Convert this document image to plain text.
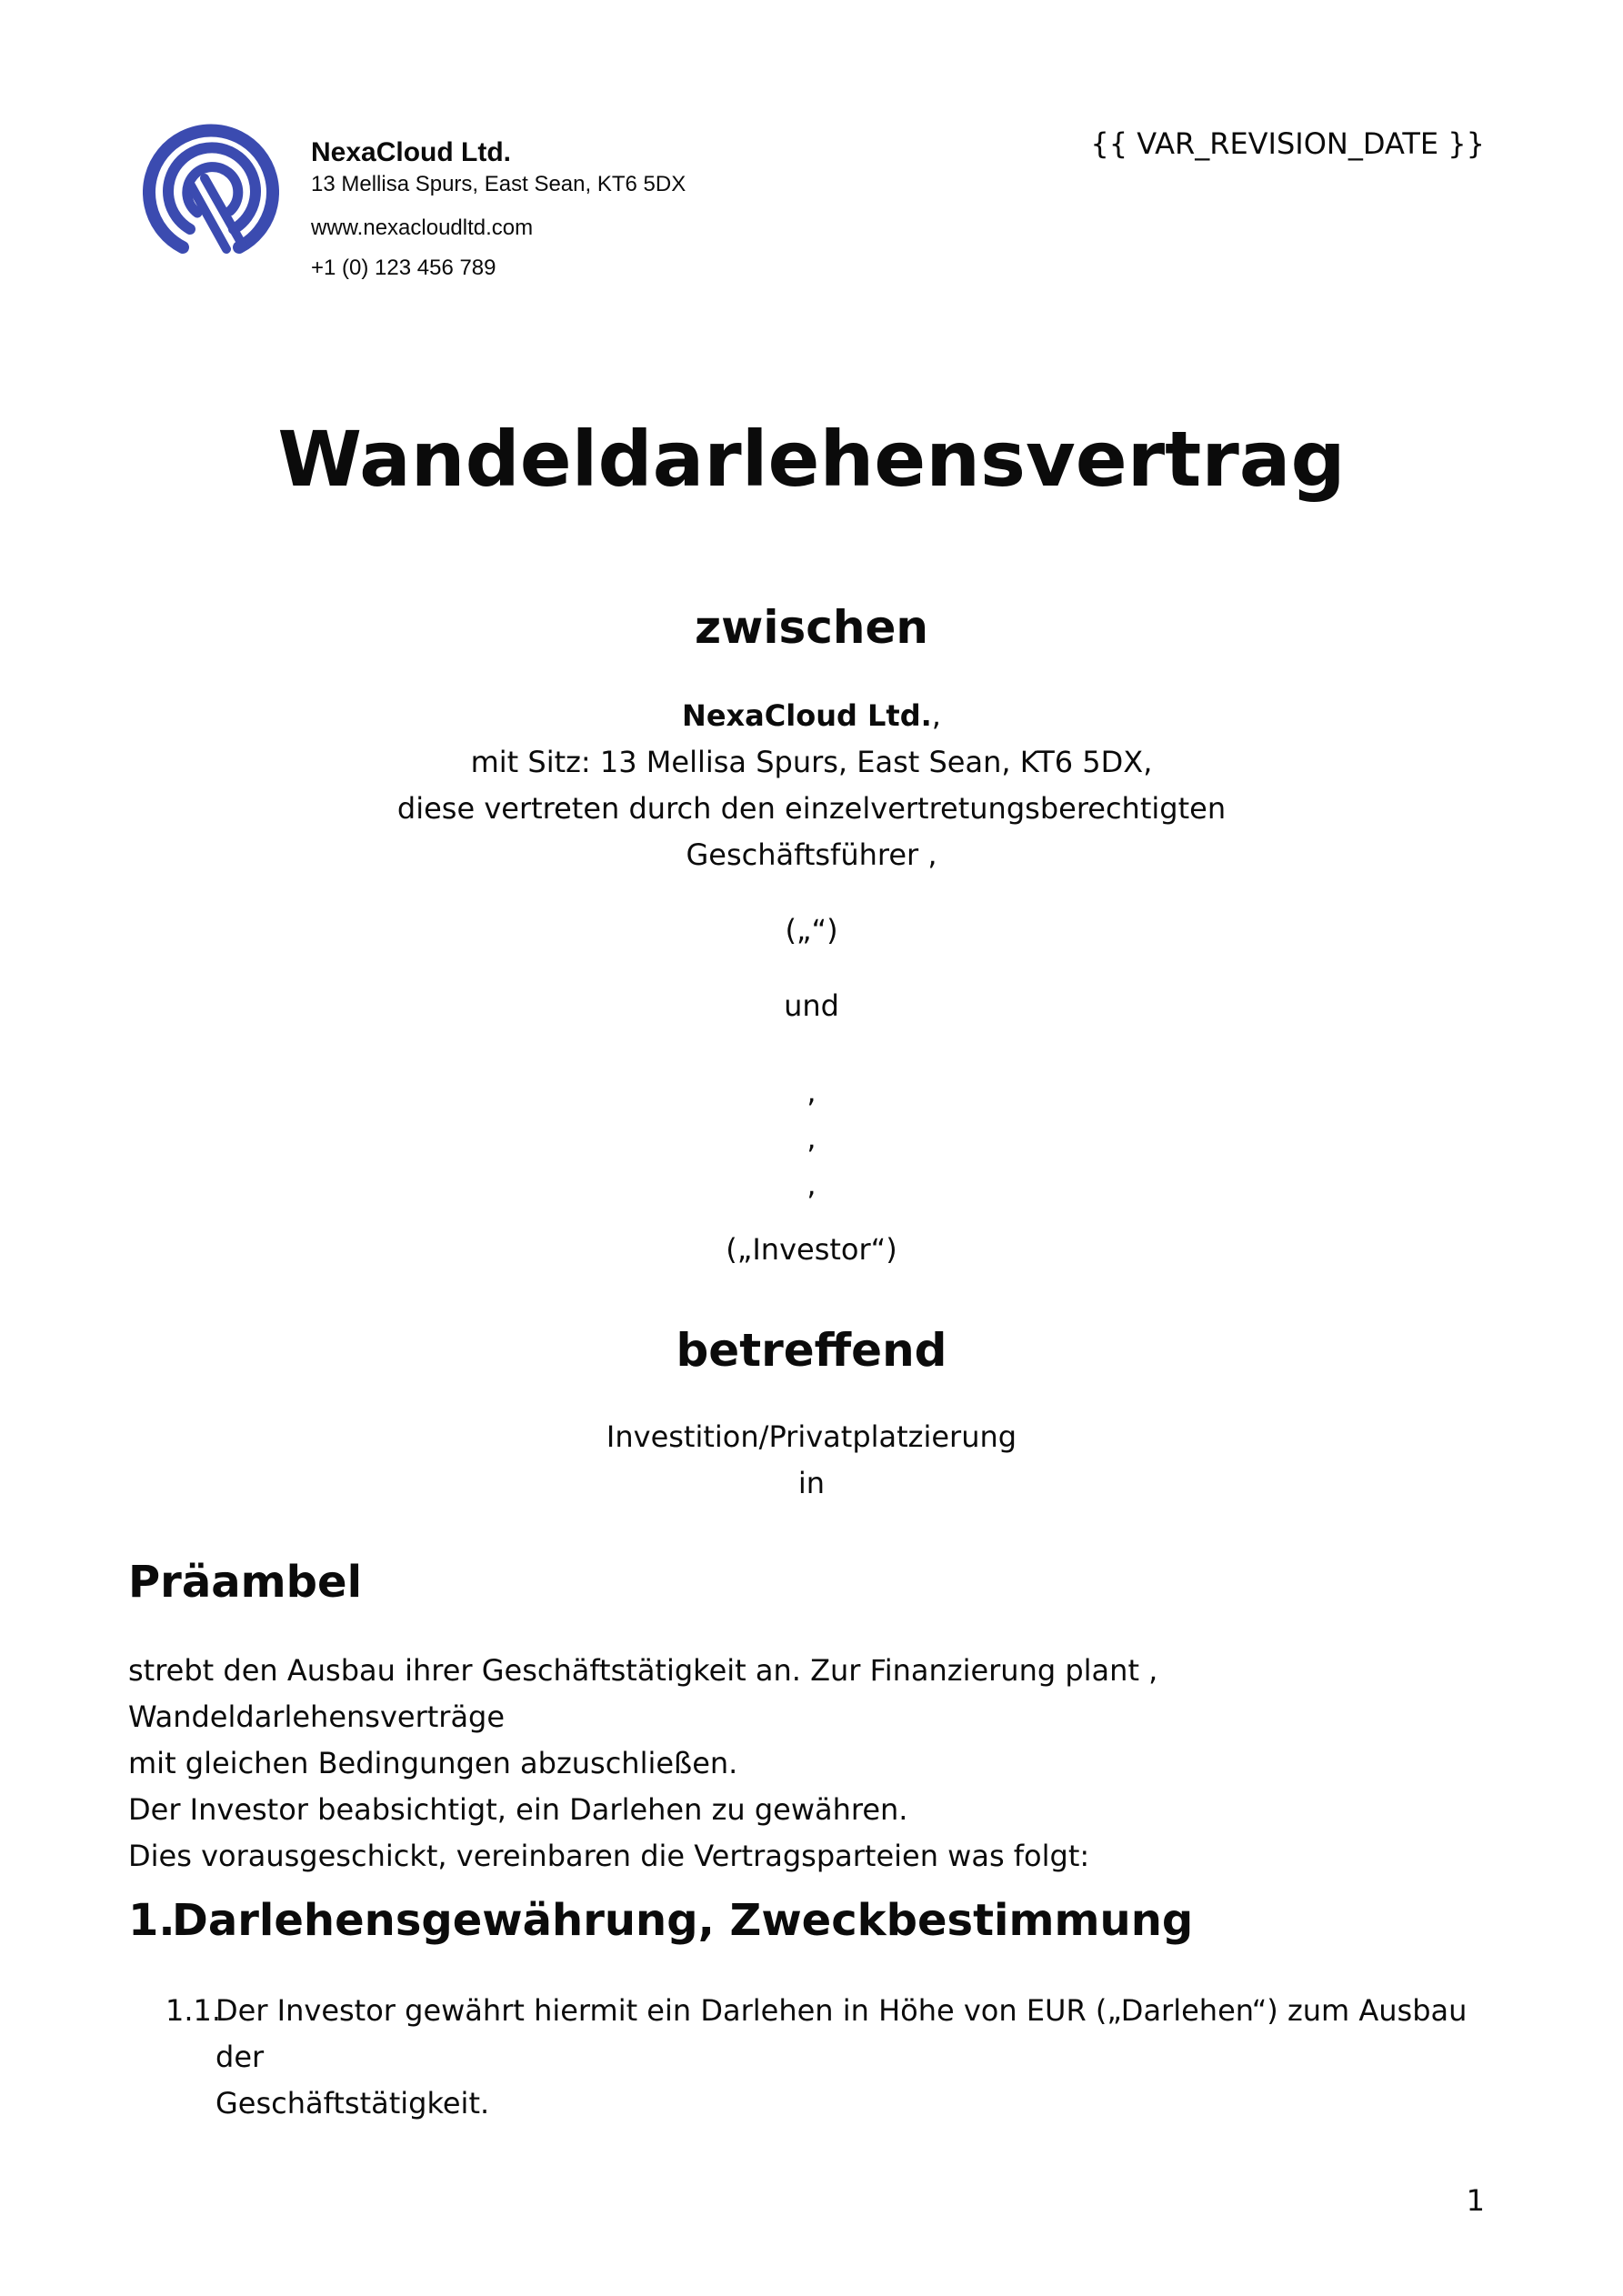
NexaCloud Ltd.
13 Mellisa Spurs, East Sean, KT6 5DX
www.nexacloudltd.com
+1 (0) 123 456 789
{{ VAR_REVISION_DATE }}
Wandeldarlehensvertrag
zwischen
NexaCloud Ltd.,
mit Sitz: 13 Mellisa Spurs, East Sean, KT6 5DX,
diese vertreten durch den einzelvertretungsberechtigten
Geschäftsführer ,
(„“)
und
,
,
,
(„Investor“)
betreffend
Investition/Privatplatzierung
in
Präambel
strebt den Ausbau ihrer Geschäftstätigkeit an. Zur Finanzierung plant , Wandeldarlehensverträge
mit gleichen Bedingungen abzuschließen.
Der Investor beabsichtigt, ein Darlehen zu gewähren.
Dies vorausgeschickt, vereinbaren die Vertragsparteien was folgt:
1.
Darlehensgewährung, Zweckbestimmung
1.1.
Der Investor gewährt hiermit ein Darlehen in Höhe von EUR („Darlehen“) zum Ausbau der
Geschäftstätigkeit.
1
